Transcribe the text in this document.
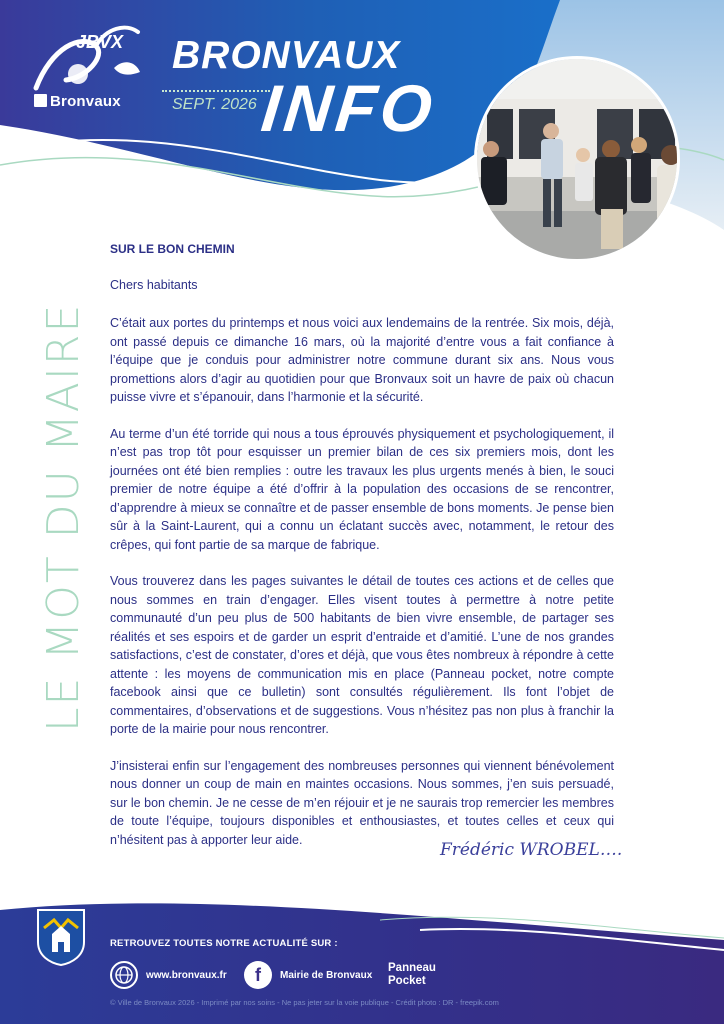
JBVX
Bronvaux
BRONVAUX
SEPT. 2026 INFO
LE MOT DU MAIRE
SUR LE BON CHEMIN
Chers habitants

C’était aux portes du printemps et nous voici aux lendemains de la rentrée. Six mois, déjà, ont passé depuis ce dimanche 16 mars, où la majorité d’entre vous a fait confiance à l’équipe que je conduis pour administrer notre commune durant six ans. Nous vous promettions alors d’agir au quotidien pour que Bronvaux soit un havre de paix où chacun puisse vivre et s’épanouir, dans l’harmonie et la sécurité.

Au terme d’un été torride qui nous a tous éprouvés physiquement et psychologiquement, il n’est pas trop tôt pour esquisser un premier bilan de ces six premiers mois, dont les journées ont été bien remplies : outre les travaux les plus urgents menés à bien, le souci premier de notre équipe a été d’offrir à la population des occasions de se rencontrer, d’apprendre à mieux se connaître et de passer ensemble de bons moments. Je pense bien sûr à la Saint-Laurent, qui a connu un éclatant succès avec, notamment, le retour des crêpes, qui font partie de sa marque de fabrique.

Vous trouverez dans les pages suivantes le détail de toutes ces actions et de celles que nous sommes en train d’engager. Elles visent toutes à permettre à notre petite communauté d’un peu plus de 500 habitants de bien vivre ensemble, de partager ses réalités et ses espoirs et de garder un esprit d’entraide et d’amitié. L’une de nos grandes satisfactions, c’est de constater, d’ores et déjà, que vous êtes nombreux à répondre à cette attente : les moyens de communication mis en place (Panneau pocket, notre compte facebook ainsi que ce bulletin) sont consultés régulièrement. Ils font l’objet de commentaires, d’observations et de suggestions. Vous n’hésitez pas non plus à franchir la porte de la mairie pour nous rencontrer.

J’insisterai enfin sur l’engagement des nombreuses personnes qui viennent bénévolement nous donner un coup de main en maintes occasions. Nous sommes, j’en suis persuadé, sur le bon chemin. Je ne cesse de m’en réjouir et je ne saurais trop remercier les membres de toute l’équipe, toujours disponibles et enthousiastes, et toutes celles et ceux qui n’hésitent pas à apporter leur aide.

Frédéric WROBEL….
RETROUVEZ TOUTES NOTRE ACTUALITÉ SUR :
www.bronvaux.fr	f	Mairie de Bronvaux
Panneau
Pocket
© Ville de Bronvaux 2026 - Imprimé par nos soins - Ne pas jeter sur la voie publique - Crédit photo : DR - freepik.com
